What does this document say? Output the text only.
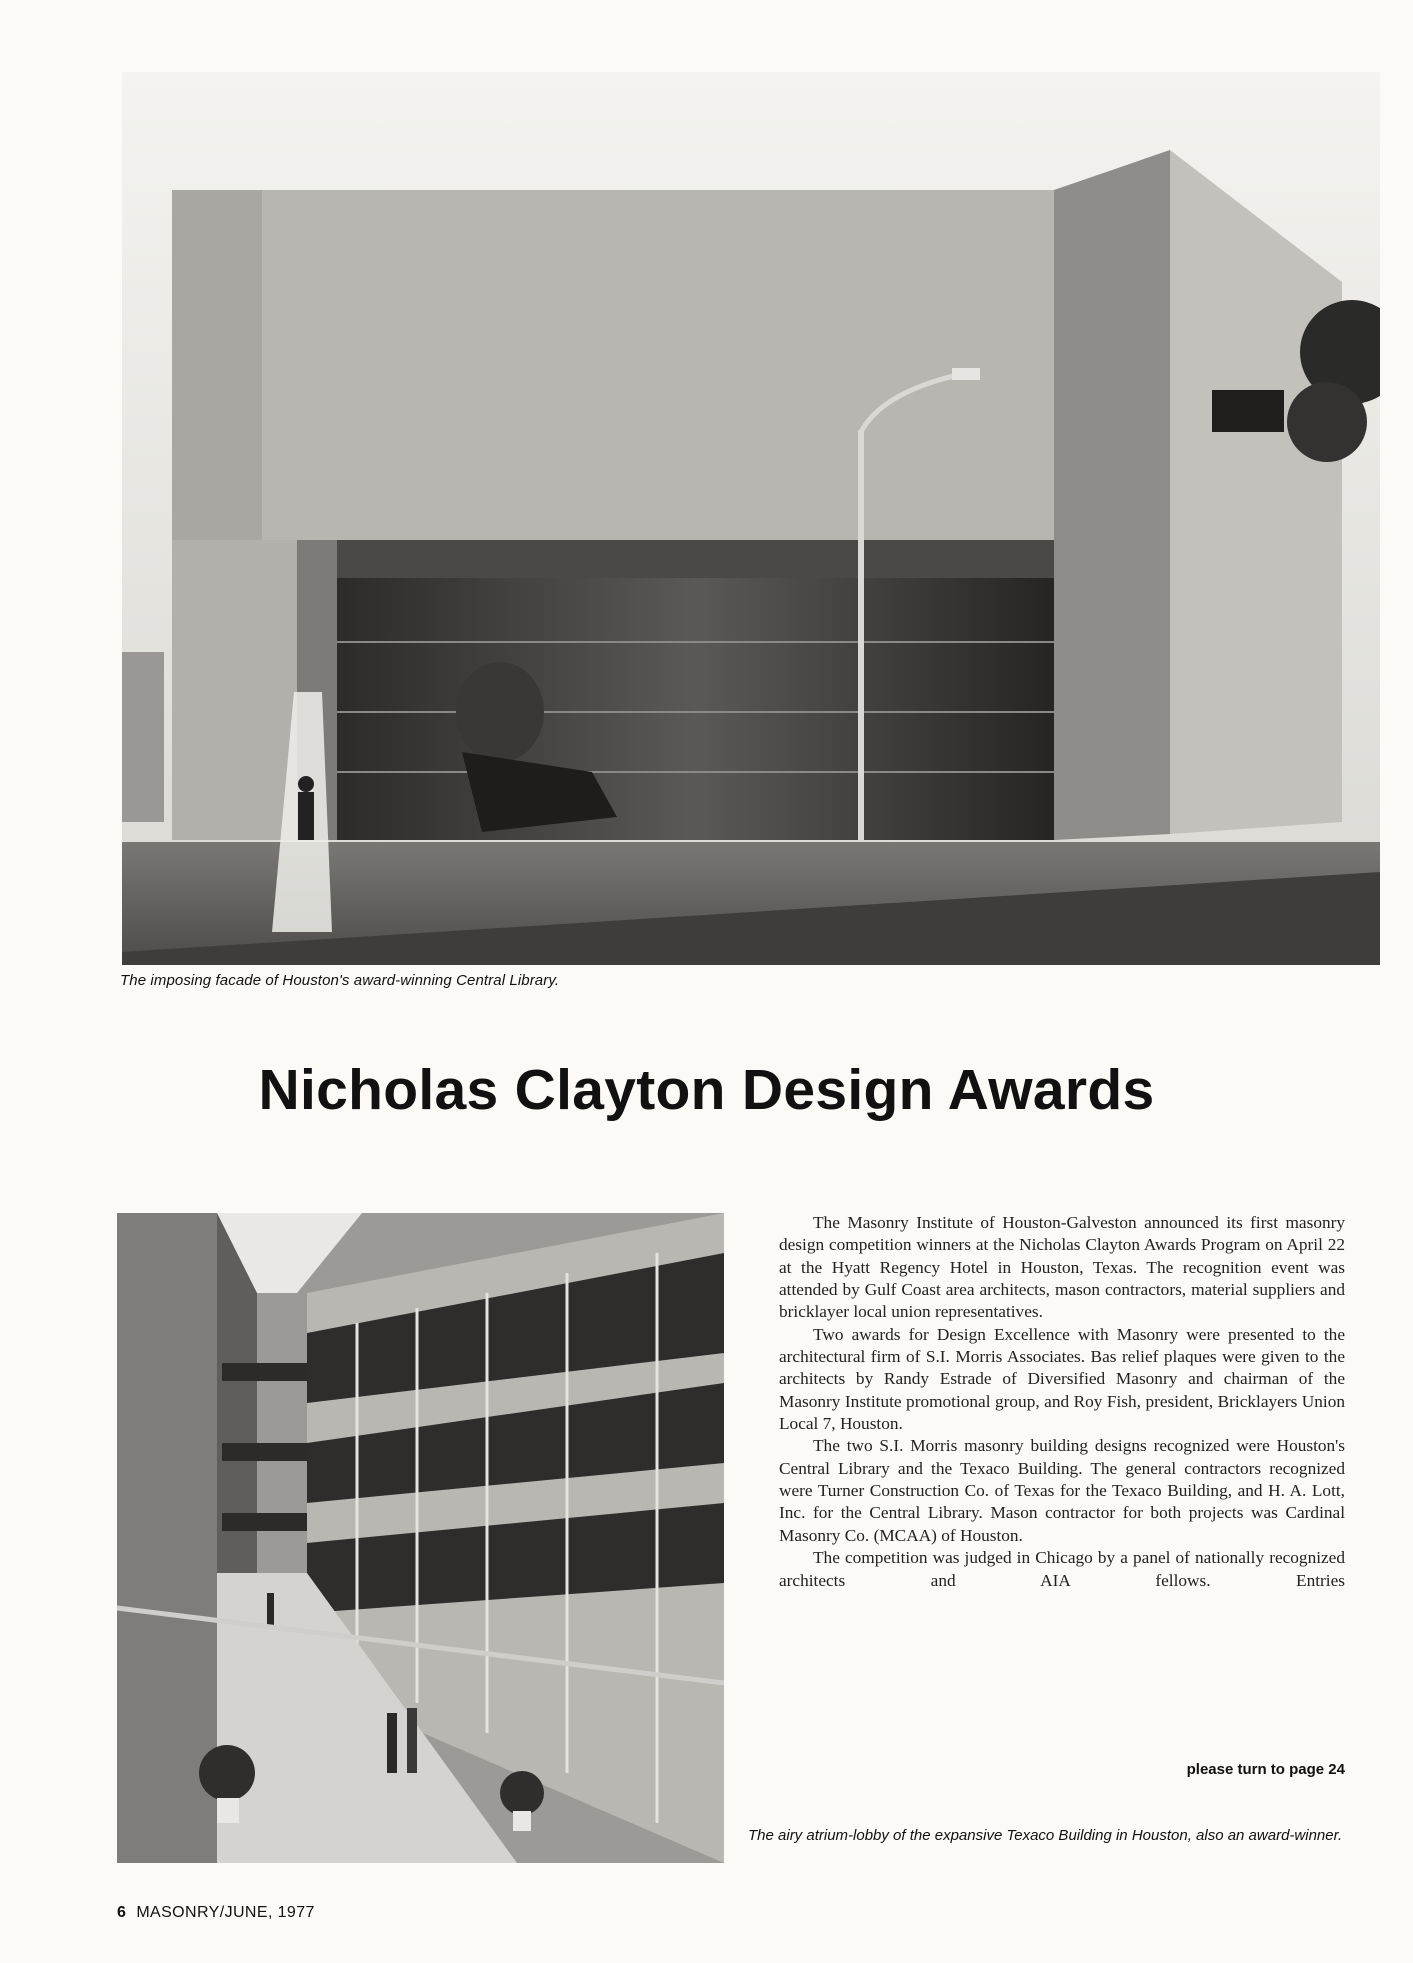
The imposing facade of Houston's award-winning Central Library.
Nicholas Clayton Design Awards

The Masonry Institute of Houston-Galveston announced its first masonry design competition winners at the Nicholas Clayton Awards Program on April 22 at the Hyatt Regency Hotel in Houston, Texas. The recognition event was attended by Gulf Coast area architects, mason contractors, material suppliers and bricklayer local union representatives.

Two awards for Design Excellence with Masonry were presented to the architectural firm of S.I. Morris Associates. Bas relief plaques were given to the architects by Randy Estrade of Diversified Masonry and chairman of the Masonry Institute promotional group, and Roy Fish, president, Bricklayers Union Local 7, Houston.

The two S.I. Morris masonry building designs recognized were Houston's Central Library and the Texaco Building. The general contractors recognized were Turner Construction Co. of Texas for the Texaco Building, and H. A. Lott, Inc. for the Central Library. Mason contractor for both projects was Cardinal Masonry Co. (MCAA) of Houston.

The competition was judged in Chicago by a panel of nationally recognized architects and AIA fellows. Entries

please turn to page 24
The airy atrium-lobby of the expansive Texaco Building in Houston, also an award-winner.
6 MASONRY/JUNE, 1977
